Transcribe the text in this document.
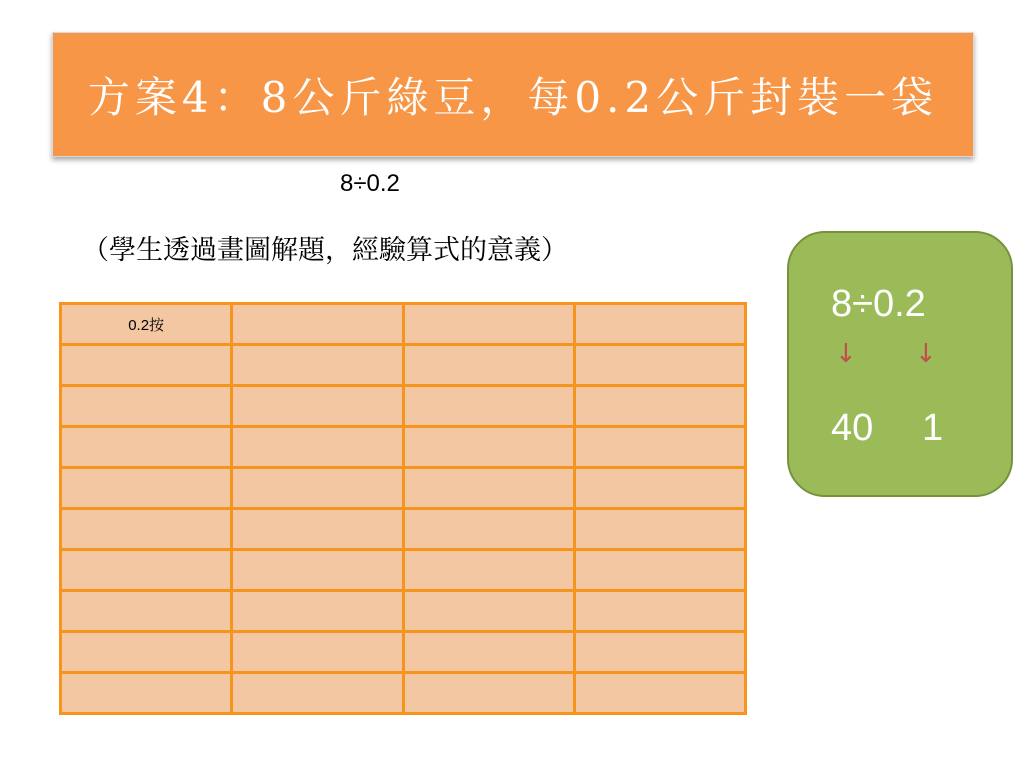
方案4：8公斤綠豆，每0.2公斤封裝一袋
8÷0.2
（學生透過畫圖解題，經驗算式的意義）
0.2按			

				8÷0.2
↓ ↓
40 1
